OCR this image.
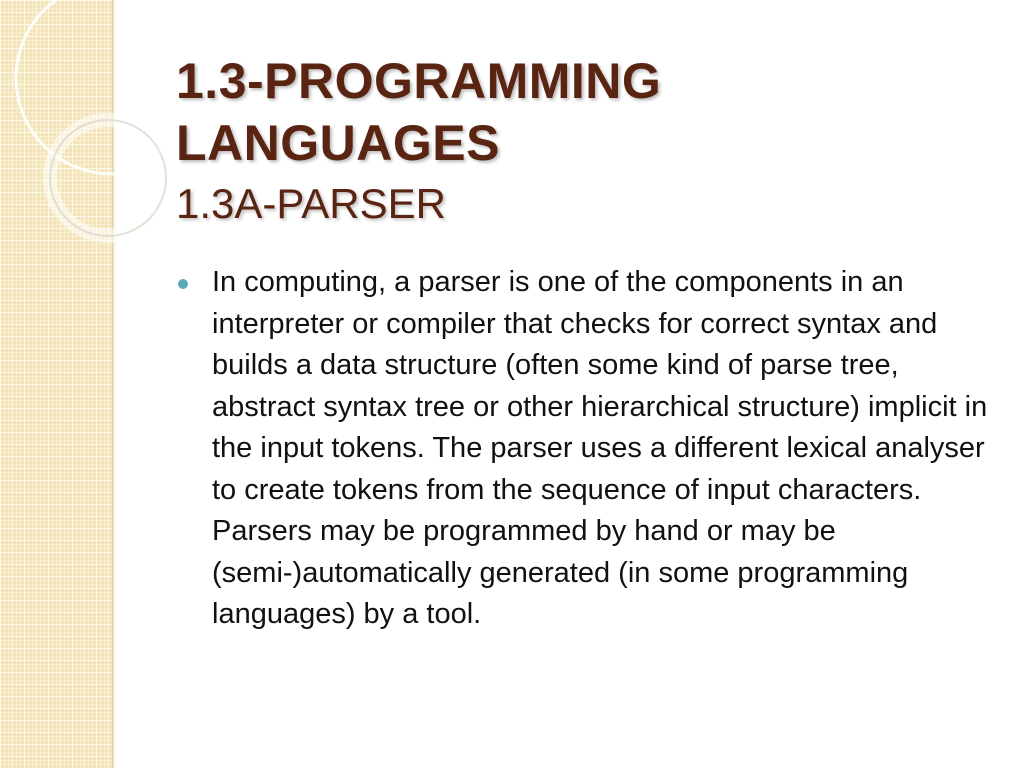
1.3-PROGRAMMING
LANGUAGES
1.3A-PARSER

In computing, a parser is one of the components in an interpreter or compiler that checks for correct syntax and builds a data structure (often some kind of parse tree, abstract syntax tree or other hierarchical structure) implicit in the input tokens. The parser uses a different lexical analyser to create tokens from the sequence of input characters. Parsers may be programmed by hand or may be (semi-)automatically generated (in some programming languages) by a tool.
